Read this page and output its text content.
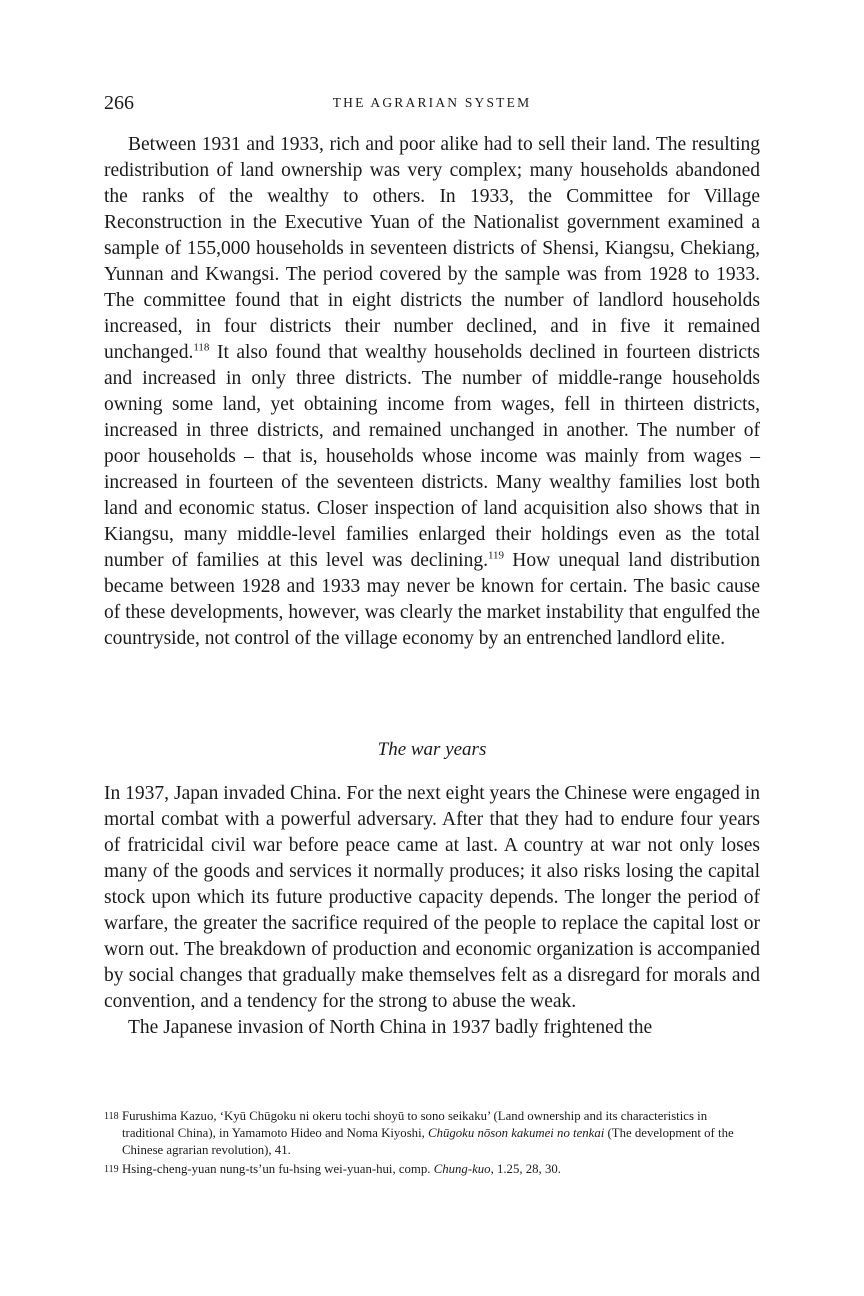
266	THE AGRARIAN SYSTEM

Between 1931 and 1933, rich and poor alike had to sell their land. The resulting redistribution of land ownership was very complex; many households abandoned the ranks of the wealthy to others. In 1933, the Committee for Village Reconstruction in the Executive Yuan of the Nationalist government examined a sample of 155,000 households in seventeen districts of Shensi, Kiangsu, Chekiang, Yunnan and Kwangsi. The period covered by the sample was from 1928 to 1933. The committee found that in eight districts the number of landlord households increased, in four districts their number declined, and in five it remained unchanged.$^{118}$ It also found that wealthy households declined in fourteen districts and increased in only three districts. The number of middle-range households owning some land, yet obtaining income from wages, fell in thirteen districts, increased in three districts, and remained unchanged in another. The number of poor households – that is, households whose income was mainly from wages – increased in fourteen of the seventeen districts. Many wealthy families lost both land and economic status. Closer inspection of land acquisition also shows that in Kiangsu, many middle-level families enlarged their holdings even as the total number of families at this level was declining.$^{119}$ How unequal land distribution became between 1928 and 1933 may never be known for certain. The basic cause of these developments, however, was clearly the market instability that engulfed the countryside, not control of the village economy by an entrenched landlord elite.

The war years

In 1937, Japan invaded China. For the next eight years the Chinese were engaged in mortal combat with a powerful adversary. After that they had to endure four years of fratricidal civil war before peace came at last. A country at war not only loses many of the goods and services it normally produces; it also risks losing the capital stock upon which its future productive capacity depends. The longer the period of warfare, the greater the sacrifice required of the people to replace the capital lost or worn out. The breakdown of production and economic organization is accompanied by social changes that gradually make themselves felt as a disregard for morals and convention, and a tendency for the strong to abuse the weak.

The Japanese invasion of North China in 1937 badly frightened the

118 Furushima Kazuo, ‘Kyū Chūgoku ni okeru tochi shoyū to sono seikaku’ (Land ownership and its characteristics in traditional China), in Yamamoto Hideo and Noma Kiyoshi, Chūgoku nōson kakumei no tenkai (The development of the Chinese agrarian revolution), 41.

119 Hsing-cheng-yuan nung-ts’un fu-hsing wei-yuan-hui, comp. Chung-kuo, 1.25, 28, 30.
